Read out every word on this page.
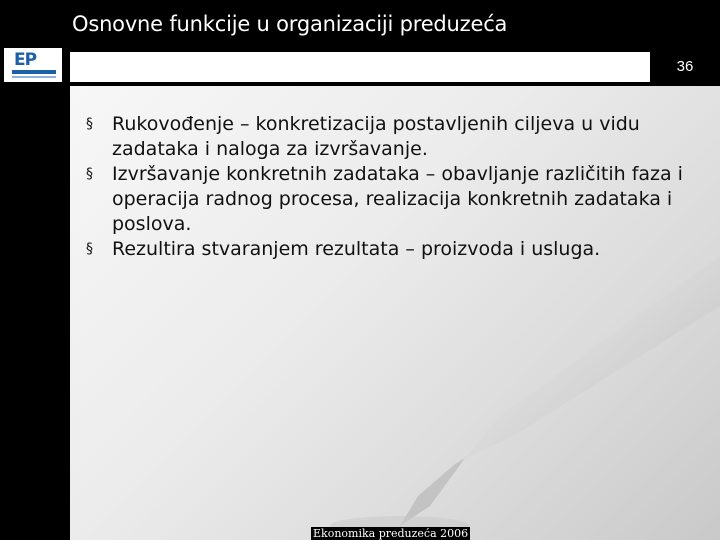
Osnovne funkcije u organizaciji preduzeća
EP	36
§ Rukovođenje – konkretizacija postavljenih ciljeva u vidu zadataka i naloga za izvršavanje.
§ Izvršavanje konkretnih zadataka – obavljanje različitih faza i operacija radnog procesa, realizacija konkretnih zadataka i poslova.
§ Rezultira stvaranjem rezultata – proizvoda i usluga.
Ekonomika preduzeća 2006
